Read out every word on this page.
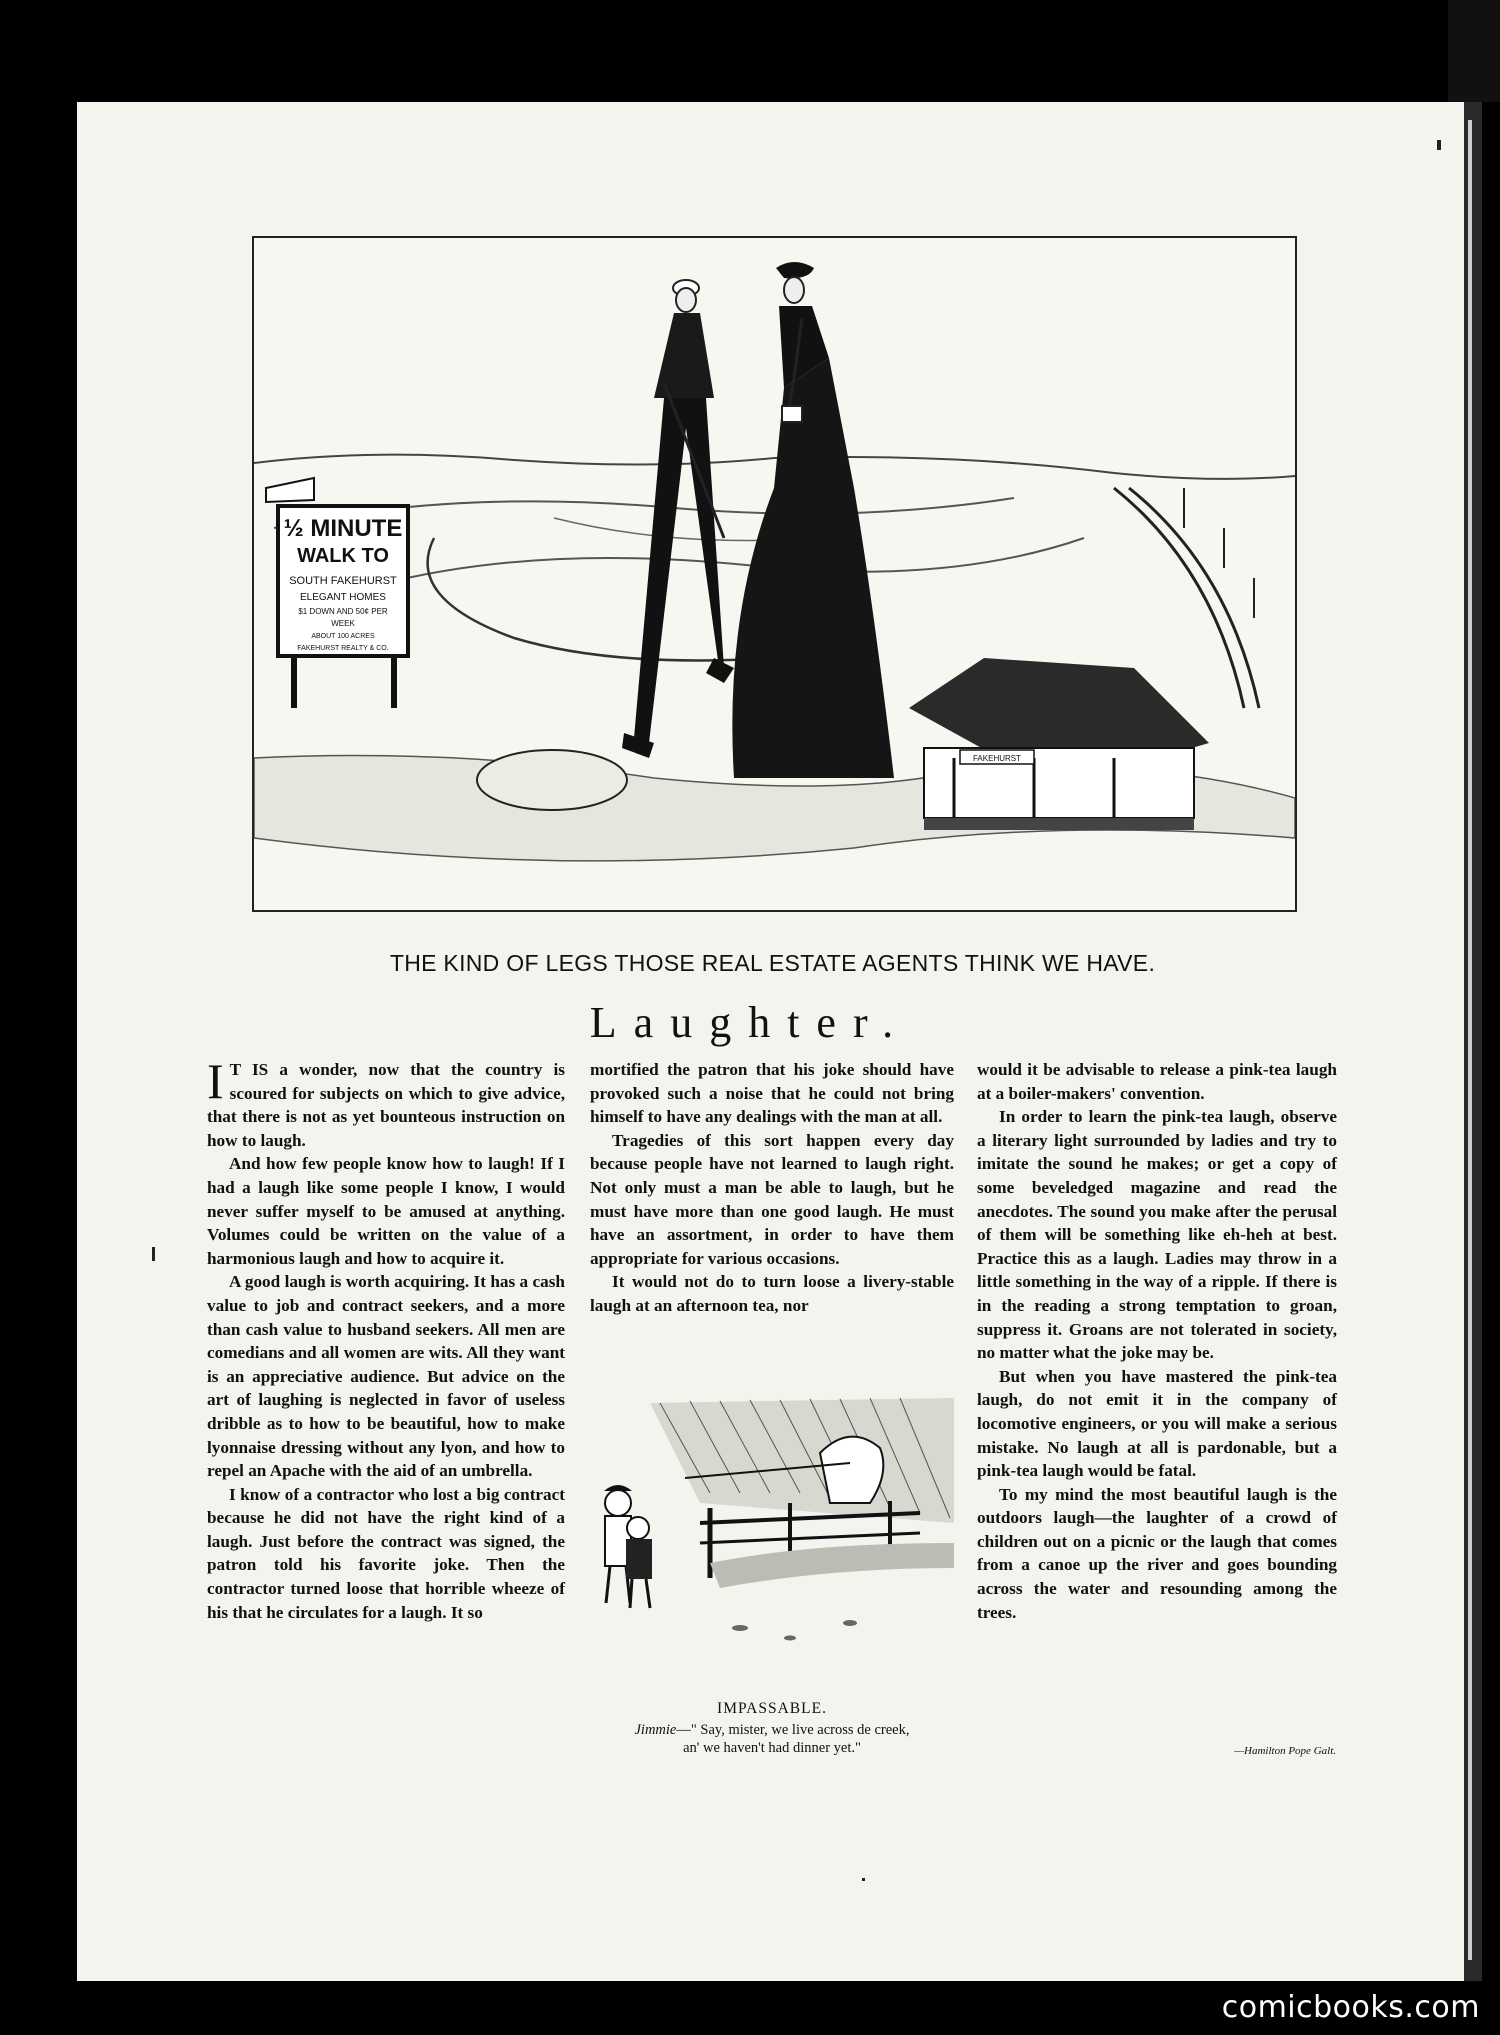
½ MINUTE
WALK TO
SOUTH FAKEHURST
ELEGANT HOMES
$1 DOWN AND 50¢ PER
WEEK
ABOUT 100 ACRES
FAKEHURST REALTY & CO.
FAKEHURST
THE KIND OF LEGS THOSE REAL ESTATE AGENTS THINK WE HAVE.
Laughter.

I T IS a wonder, now that the country is scoured for subjects on which to give advice, that there is not as yet bounteous instruction on how to laugh.

And how few people know how to laugh! If I had a laugh like some people I know, I would never suffer myself to be amused at anything. Volumes could be written on the value of a harmonious laugh and how to acquire it.

A good laugh is worth acquiring. It has a cash value to job and contract seekers, and a more than cash value to husband seekers. All men are comedians and all women are wits. All they want is an appreciative audience. But advice on the art of laughing is neglected in favor of useless dribble as to how to be beautiful, how to make lyonnaise dressing without any lyon, and how to repel an Apache with the aid of an umbrella.

I know of a contractor who lost a big contract because he did not have the right kind of a laugh. Just before the contract was signed, the patron told his favorite joke. Then the contractor turned loose that horrible wheeze of his that he circulates for a laugh. It so

mortified the patron that his joke should have provoked such a noise that he could not bring himself to have any dealings with the man at all.

Tragedies of this sort happen every day because people have not learned to laugh right. Not only must a man be able to laugh, but he must have more than one good laugh. He must have an assortment, in order to have them appropriate for various occasions.

It would not do to turn loose a livery-stable laugh at an afternoon tea, nor

IMPASSABLE.
Jimmie—" Say, mister, we live across de creek,
an' we haven't had dinner yet."

would it be advisable to release a pink-tea laugh at a boiler-makers' convention.

In order to learn the pink-tea laugh, observe a literary light surrounded by ladies and try to imitate the sound he makes; or get a copy of some beveledged magazine and read the anecdotes. The sound you make after the perusal of them will be something like eh-heh at best. Practice this as a laugh. Ladies may throw in a little something in the way of a ripple. If there is in the reading a strong temptation to groan, suppress it. Groans are not tolerated in society, no matter what the joke may be.

But when you have mastered the pink-tea laugh, do not emit it in the company of locomotive engineers, or you will make a serious mistake. No laugh at all is pardonable, but a pink-tea laugh would be fatal.

To my mind the most beautiful laugh is the outdoors laugh—the laughter of a crowd of children out on a picnic or the laugh that comes from a canoe up the river and goes bounding across the water and resounding among the trees.

—Hamilton Pope Galt.
comicbooks.com
